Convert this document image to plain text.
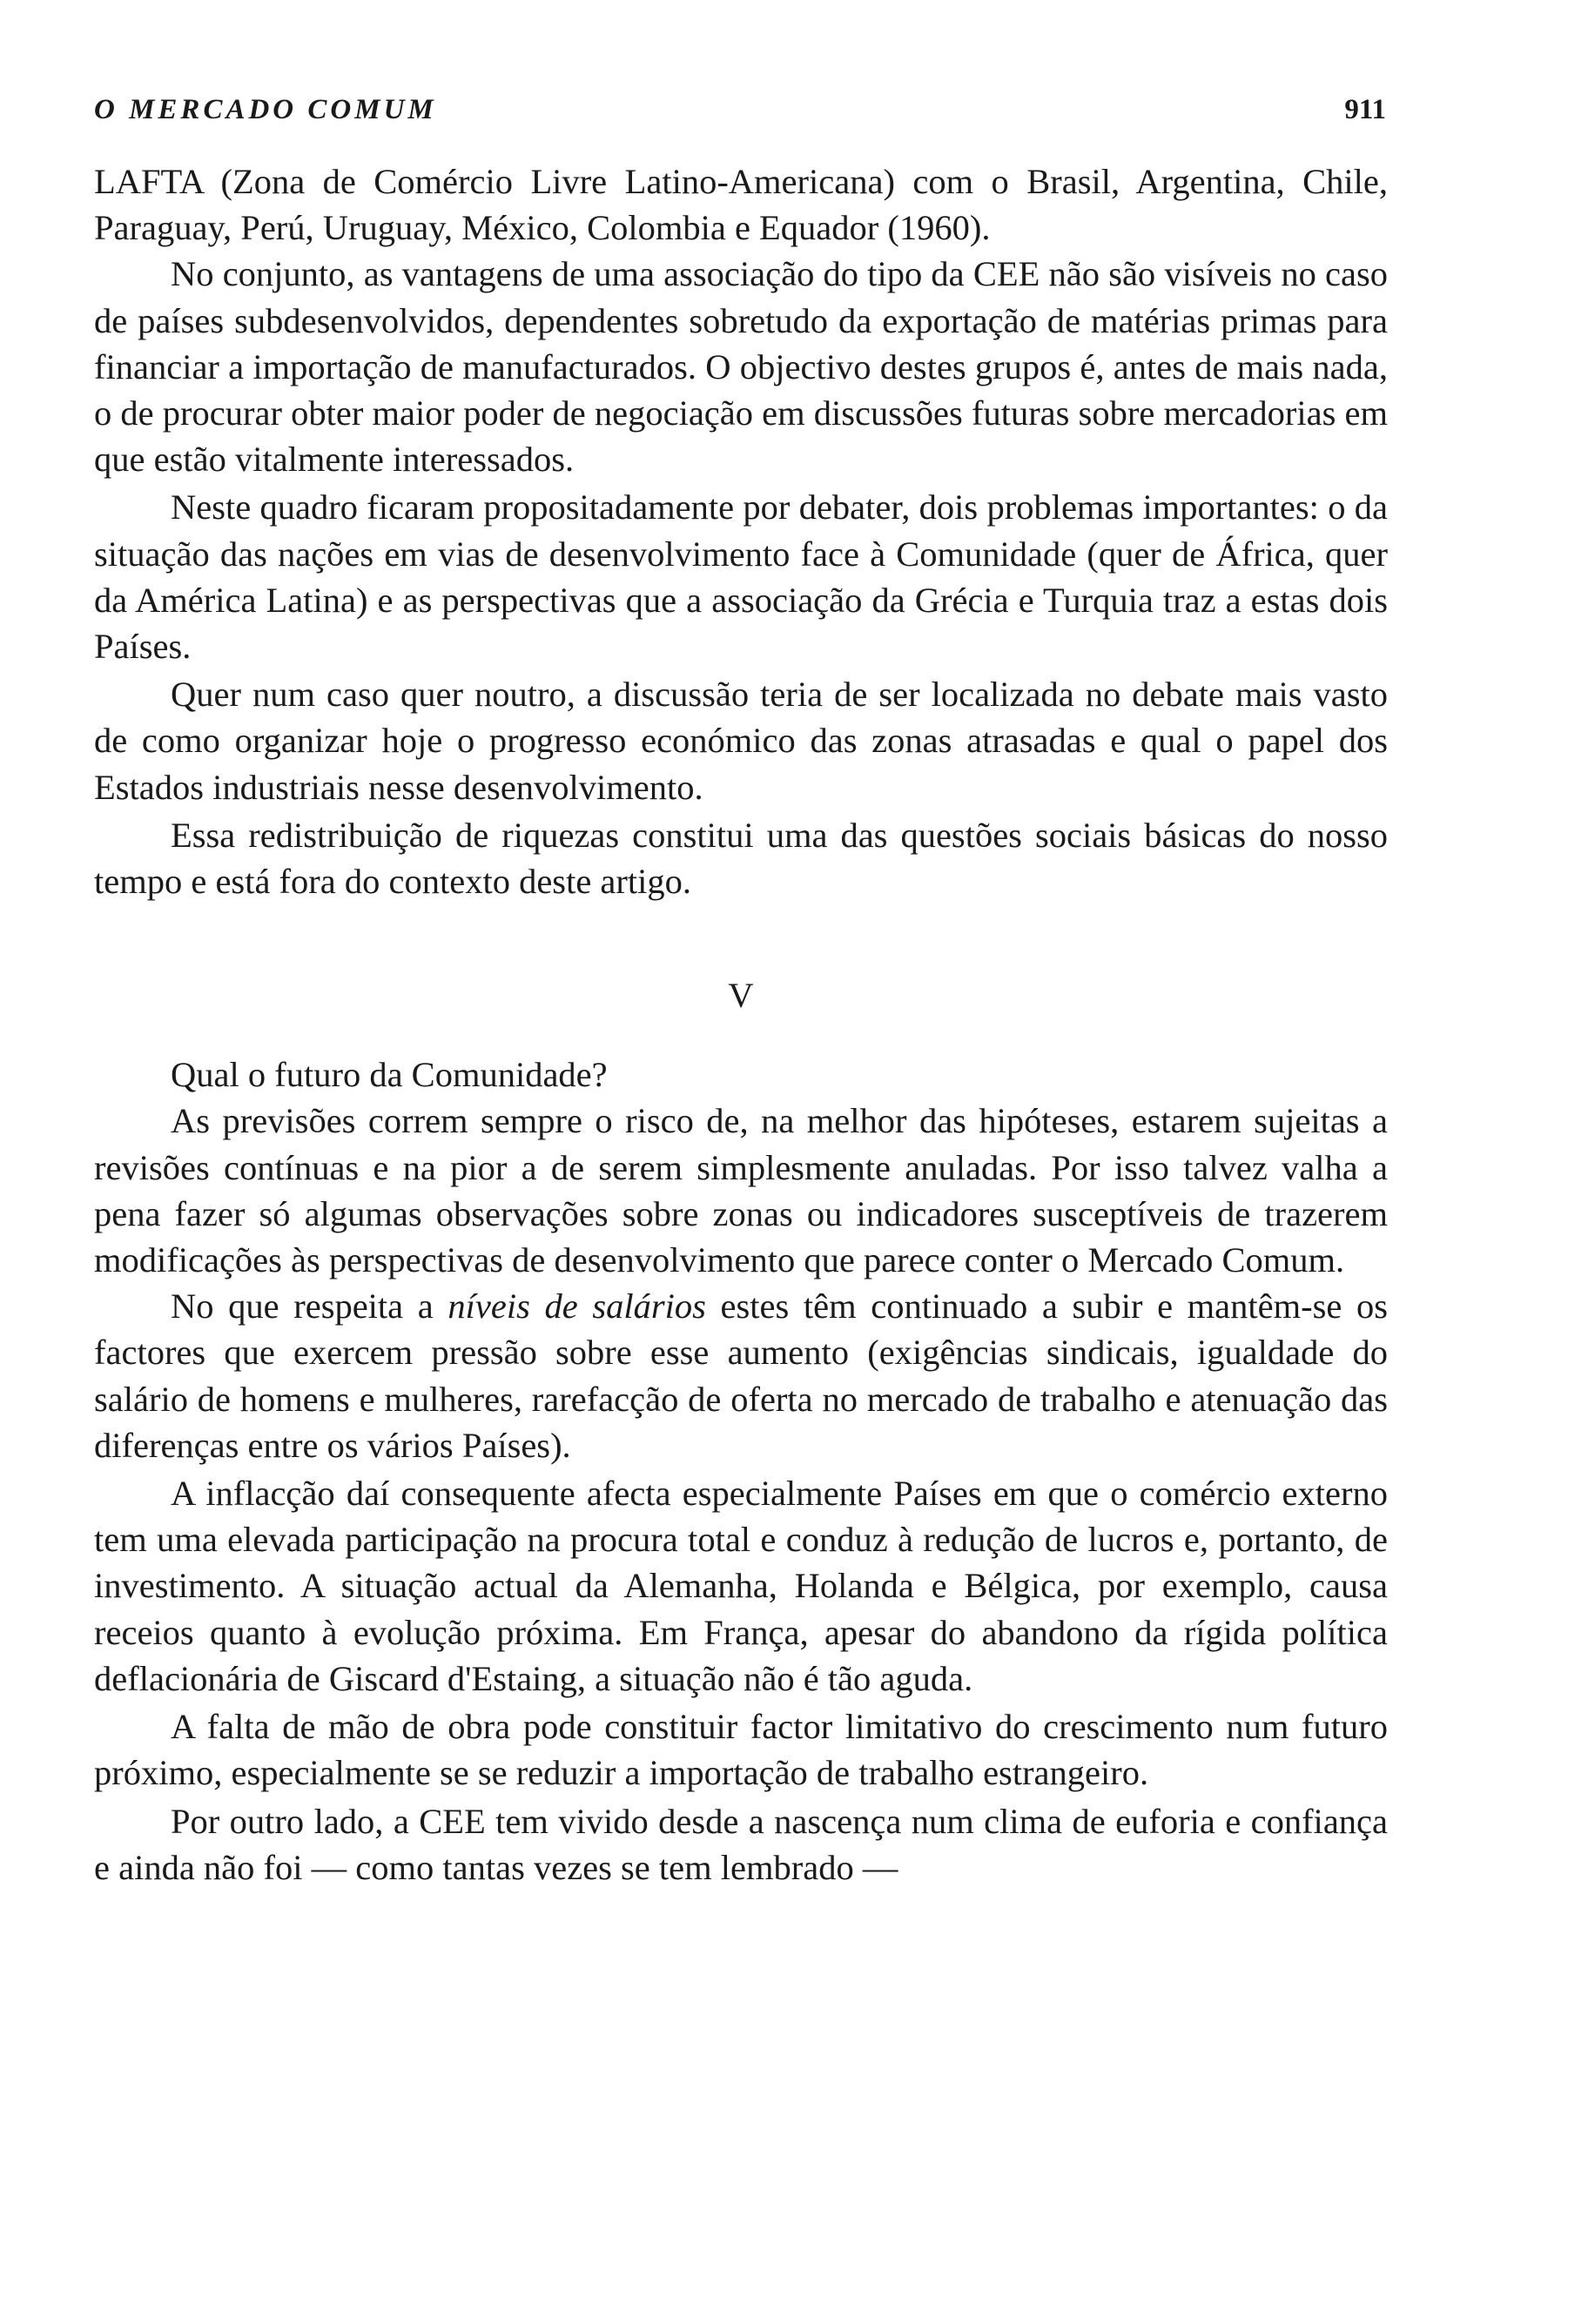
O MERCADO COMUM	911

LAFTA (Zona de Comércio Livre Latino-Americana) com o Brasil, Argentina, Chile, Paraguay, Perú, Uruguay, México, Colombia e Equador (1960).

No conjunto, as vantagens de uma associação do tipo da CEE não são visíveis no caso de países subdesenvolvidos, dependentes sobretudo da exportação de matérias primas para financiar a importação de manufacturados. O objectivo destes grupos é, antes de mais nada, o de procurar obter maior poder de negociação em discussões futuras sobre mercadorias em que estão vitalmente interessados.

Neste quadro ficaram propositadamente por debater, dois problemas importantes: o da situação das nações em vias de desenvolvimento face à Comunidade (quer de África, quer da América Latina) e as perspectivas que a associação da Grécia e Turquia traz a estas dois Países.

Quer num caso quer noutro, a discussão teria de ser localizada no debate mais vasto de como organizar hoje o progresso económico das zonas atrasadas e qual o papel dos Estados industriais nesse desenvolvimento.

Essa redistribuição de riquezas constitui uma das questões sociais básicas do nosso tempo e está fora do contexto deste artigo.

V

Qual o futuro da Comunidade?

As previsões correm sempre o risco de, na melhor das hipóteses, estarem sujeitas a revisões contínuas e na pior a de serem simplesmente anuladas. Por isso talvez valha a pena fazer só algumas observações sobre zonas ou indicadores susceptíveis de trazerem modificações às perspectivas de desenvolvimento que parece conter o Mercado Comum.

No que respeita a níveis de salários estes têm continuado a subir e mantêm-se os factores que exercem pressão sobre esse aumento (exigências sindicais, igualdade do salário de homens e mulheres, rarefacção de oferta no mercado de trabalho e atenuação das diferenças entre os vários Países).

A inflacção daí consequente afecta especialmente Países em que o comércio externo tem uma elevada participação na procura total e conduz à redução de lucros e, portanto, de investimento. A situação actual da Alemanha, Holanda e Bélgica, por exemplo, causa receios quanto à evolução próxima. Em França, apesar do abandono da rígida política deflacionária de Giscard d'Estaing, a situação não é tão aguda.

A falta de mão de obra pode constituir factor limitativo do crescimento num futuro próximo, especialmente se se reduzir a importação de trabalho estrangeiro.

Por outro lado, a CEE tem vivido desde a nascença num clima de euforia e confiança e ainda não foi — como tantas vezes se tem lembrado —
